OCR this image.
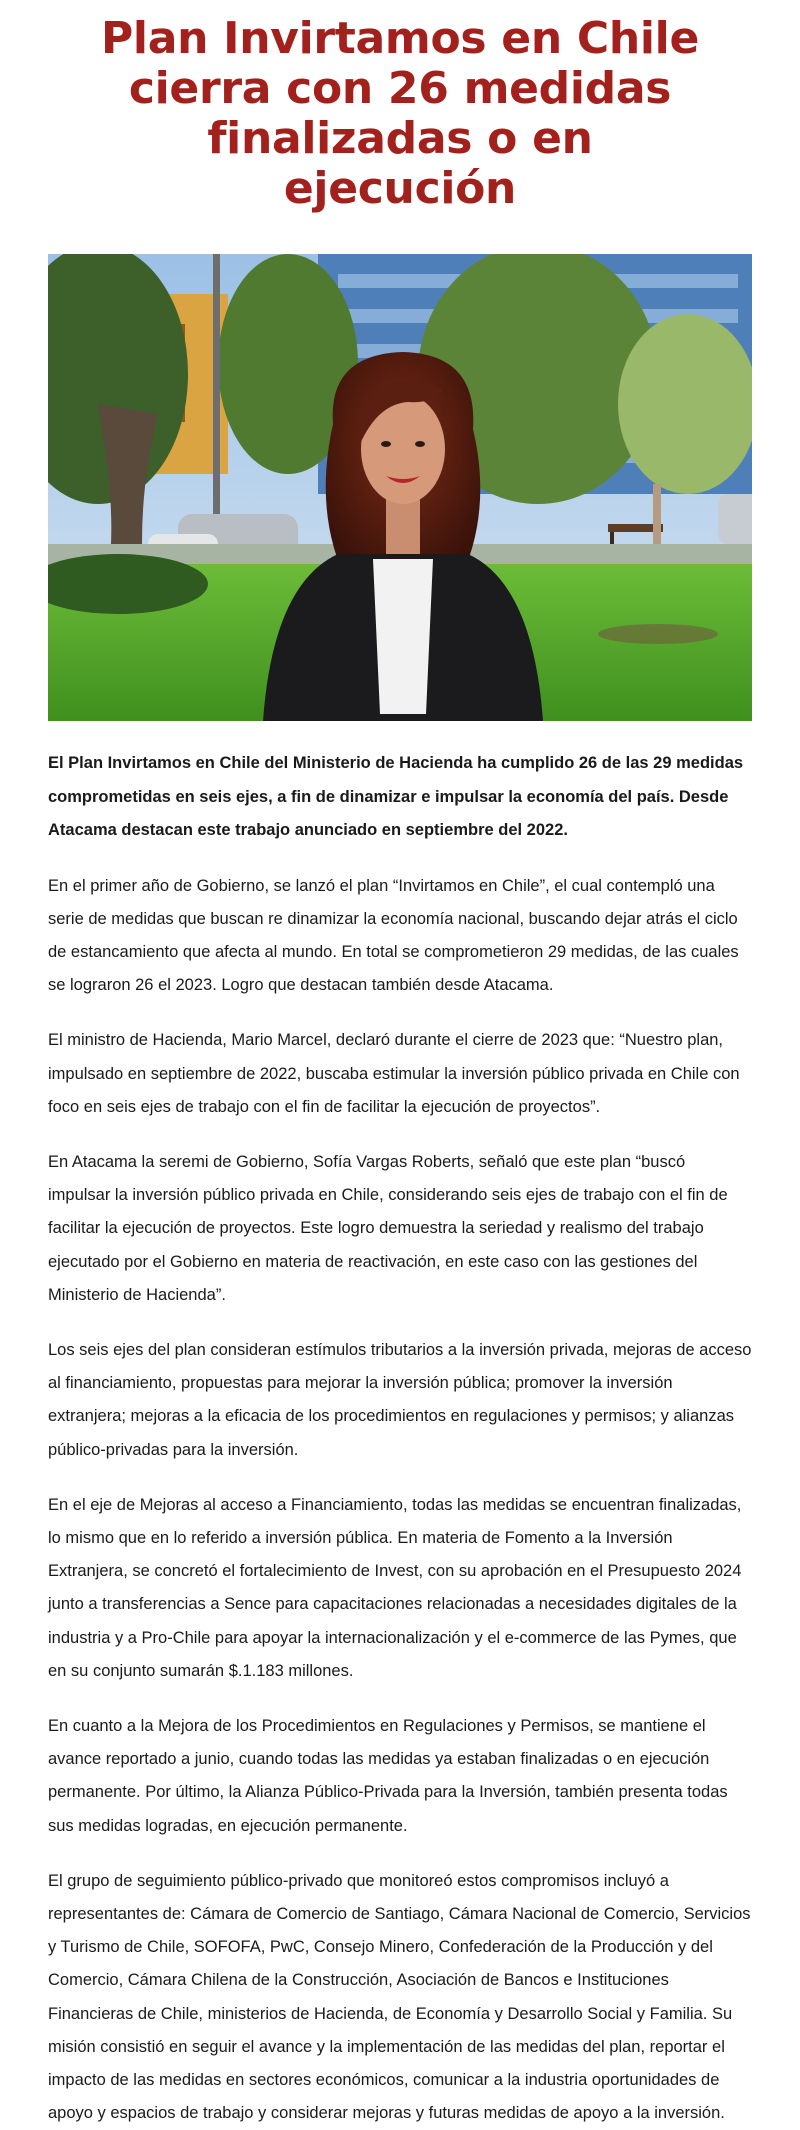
Plan Invirtamos en Chile cierra con 26 medidas finalizadas o en ejecución

El Plan Invirtamos en Chile del Ministerio de Hacienda ha cumplido 26 de las 29 medidas comprometidas en seis ejes, a fin de dinamizar e impulsar la economía del país. Desde Atacama destacan este trabajo anunciado en septiembre del 2022.

En el primer año de Gobierno, se lanzó el plan “Invirtamos en Chile”, el cual contempló una serie de medidas que buscan re dinamizar la economía nacional, buscando dejar atrás el ciclo de estancamiento que afecta al mundo. En total se comprometieron 29 medidas, de las cuales se lograron 26 el 2023. Logro que destacan también desde Atacama.

El ministro de Hacienda, Mario Marcel, declaró durante el cierre de 2023 que: “Nuestro plan, impulsado en septiembre de 2022, buscaba estimular la inversión público privada en Chile con foco en seis ejes de trabajo con el fin de facilitar la ejecución de proyectos”.

En Atacama la seremi de Gobierno, Sofía Vargas Roberts, señaló que este plan “buscó impulsar la inversión público privada en Chile, considerando seis ejes de trabajo con el fin de facilitar la ejecución de proyectos. Este logro demuestra la seriedad y realismo del trabajo ejecutado por el Gobierno en materia de reactivación, en este caso con las gestiones del Ministerio de Hacienda”.

Los seis ejes del plan consideran estímulos tributarios a la inversión privada, mejoras de acceso al financiamiento, propuestas para mejorar la inversión pública; promover la inversión extranjera; mejoras a la eficacia de los procedimientos en regulaciones y permisos; y alianzas público-privadas para la inversión.

En el eje de Mejoras al acceso a Financiamiento, todas las medidas se encuentran finalizadas, lo mismo que en lo referido a inversión pública. En materia de Fomento a la Inversión Extranjera, se concretó el fortalecimiento de Invest, con su aprobación en el Presupuesto 2024 junto a transferencias a Sence para capacitaciones relacionadas a necesidades digitales de la industria y a Pro-Chile para apoyar la internacionalización y el e-commerce de las Pymes, que en su conjunto sumarán $.1.183 millones.

En cuanto a la Mejora de los Procedimientos en Regulaciones y Permisos, se mantiene el avance reportado a junio, cuando todas las medidas ya estaban finalizadas o en ejecución permanente. Por último, la Alianza Público-Privada para la Inversión, también presenta todas sus medidas logradas, en ejecución permanente.

El grupo de seguimiento público-privado que monitoreó estos compromisos incluyó a representantes de: Cámara de Comercio de Santiago, Cámara Nacional de Comercio, Servicios y Turismo de Chile, SOFOFA, PwC, Consejo Minero, Confederación de la Producción y del Comercio, Cámara Chilena de la Construcción, Asociación de Bancos e Instituciones Financieras de Chile, ministerios de Hacienda, de Economía y Desarrollo Social y Familia. Su misión consistió en seguir el avance y la implementación de las medidas del plan, reportar el impacto de las medidas en sectores económicos, comunicar a la industria oportunidades de apoyo y espacios de trabajo y considerar mejoras y futuras medidas de apoyo a la inversión.
